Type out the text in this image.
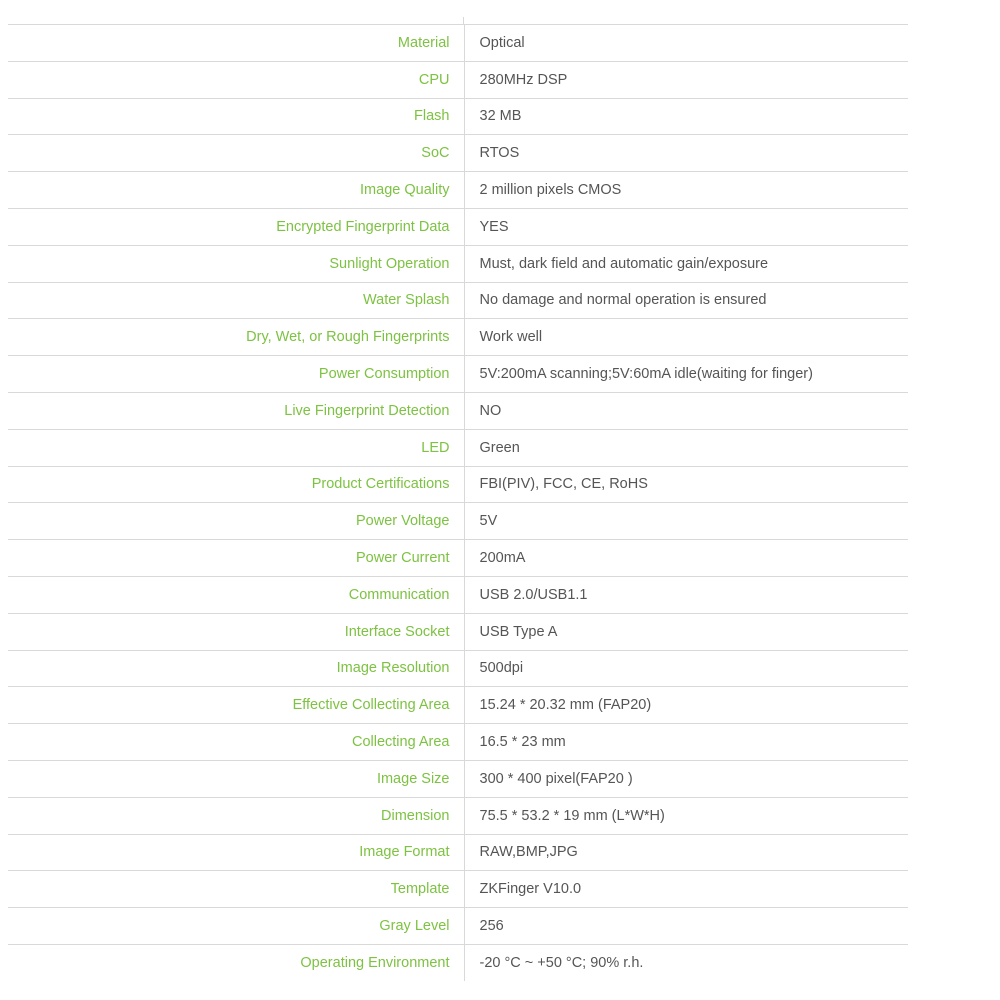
Material	Optical
CPU	280MHz DSP
Flash	32 MB
SoC	RTOS
Image Quality	2 million pixels CMOS
Encrypted Fingerprint Data	YES
Sunlight Operation	Must, dark field and automatic gain/exposure
Water Splash	No damage and normal operation is ensured
Dry, Wet, or Rough Fingerprints	Work well
Power Consumption	5V:200mA scanning;5V:60mA idle(waiting for finger)
Live Fingerprint Detection	NO
LED	Green
Product Certifications	FBI(PIV), FCC, CE, RoHS
Power Voltage	5V
Power Current	200mA
Communication	USB 2.0/USB1.1
Interface Socket	USB Type A
Image Resolution	500dpi
Effective Collecting Area	15.24 * 20.32 mm (FAP20)
Collecting Area	16.5 * 23 mm
Image Size	300 * 400 pixel(FAP20 )
Dimension	75.5 * 53.2 * 19 mm (L*W*H)
Image Format	RAW,BMP,JPG
Template	ZKFinger V10.0
Gray Level	256
Operating Environment	-20 °C ~ +50 °C; 90% r.h.
